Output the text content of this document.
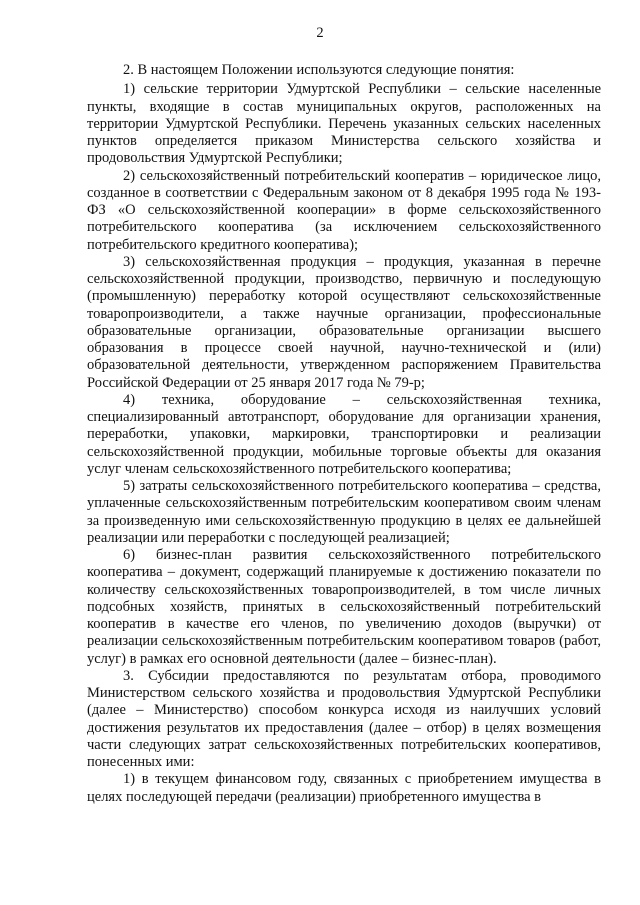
2

2. В настоящем Положении используются следующие понятия:

1) сельские территории Удмуртской Республики – сельские населенные пункты, входящие в состав муниципальных округов, расположенных на территории Удмуртской Республики. Перечень указанных сельских населенных пунктов определяется приказом Министерства сельского хозяйства и продовольствия Удмуртской Республики;

2) сельскохозяйственный потребительский кооператив – юридическое лицо, созданное в соответствии с Федеральным законом от 8 декабря 1995 года № 193-ФЗ «О сельскохозяйственной кооперации» в форме сельскохозяйственного потребительского кооператива (за исключением сельскохозяйственного потребительского кредитного кооператива);

3) сельскохозяйственная продукция – продукция, указанная в перечне сельскохозяйственной продукции, производство, первичную и последующую (промышленную) переработку которой осуществляют сельскохозяйственные товаропроизводители, а также научные организации, профессиональные образовательные организации, образовательные организации высшего образования в процессе своей научной, научно-технической и (или) образовательной деятельности, утвержденном распоряжением Правительства Российской Федерации от 25 января 2017 года № 79-р;

4) техника, оборудование – сельскохозяйственная техника, специализированный автотранспорт, оборудование для организации хранения, переработки, упаковки, маркировки, транспортировки и реализации сельскохозяйственной продукции, мобильные торговые объекты для оказания услуг членам сельскохозяйственного потребительского кооператива;

5) затраты сельскохозяйственного потребительского кооператива – средства, уплаченные сельскохозяйственным потребительским кооперативом своим членам за произведенную ими сельскохозяйственную продукцию в целях ее дальнейшей реализации или переработки с последующей реализацией;

6) бизнес-план развития сельскохозяйственного потребительского кооператива – документ, содержащий планируемые к достижению показатели по количеству сельскохозяйственных товаропроизводителей, в том числе личных подсобных хозяйств, принятых в сельскохозяйственный потребительский кооператив в качестве его членов, по увеличению доходов (выручки) от реализации сельскохозяйственным потребительским кооперативом товаров (работ, услуг) в рамках его основной деятельности (далее – бизнес-план).

3. Субсидии предоставляются по результатам отбора, проводимого Министерством сельского хозяйства и продовольствия Удмуртской Республики (далее – Министерство) способом конкурса исходя из наилучших условий достижения результатов их предоставления (далее – отбор) в целях возмещения части следующих затрат сельскохозяйственных потребительских кооперативов, понесенных ими:

1) в текущем финансовом году, связанных с приобретением имущества в целях последующей передачи (реализации) приобретенного имущества в
